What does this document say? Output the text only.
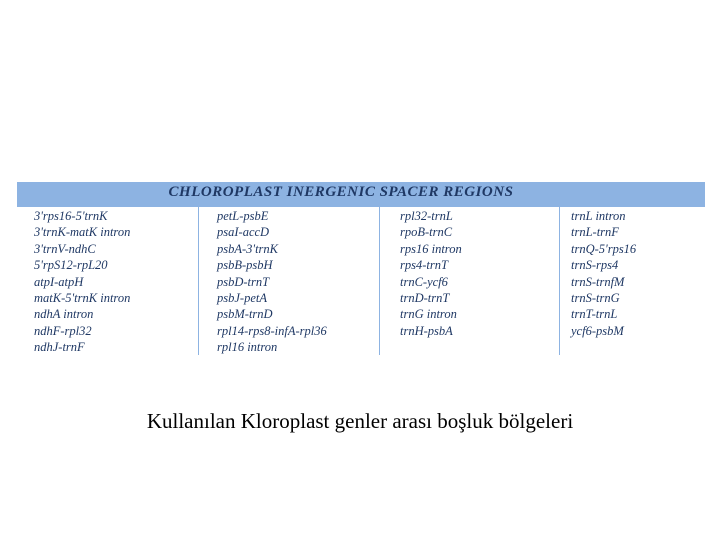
CHLOROPLAST INERGENIC SPACER REGIONS
3'rps16-5'trnK
3'trnK-matK intron
3'trnV-ndhC
5'rpS12-rpL20
atpI-atpH
matK-5'trnK intron
ndhA intron
ndhF-rpl32
ndhJ-trnF
petL-psbE
psaI-accD
psbA-3'trnK
psbB-psbH
psbD-trnT
psbJ-petA
psbM-trnD
rpl14-rps8-infA-rpl36
rpl16 intron
rpl32-trnL
rpoB-trnC
rps16 intron
rps4-trnT
trnC-ycf6
trnD-trnT
trnG intron
trnH-psbA
trnL intron
trnL-trnF
trnQ-5'rps16
trnS-rps4
trnS-trnfM
trnS-trnG
trnT-trnL
ycf6-psbM
Kullanılan Kloroplast genler arası boşluk bölgeleri
